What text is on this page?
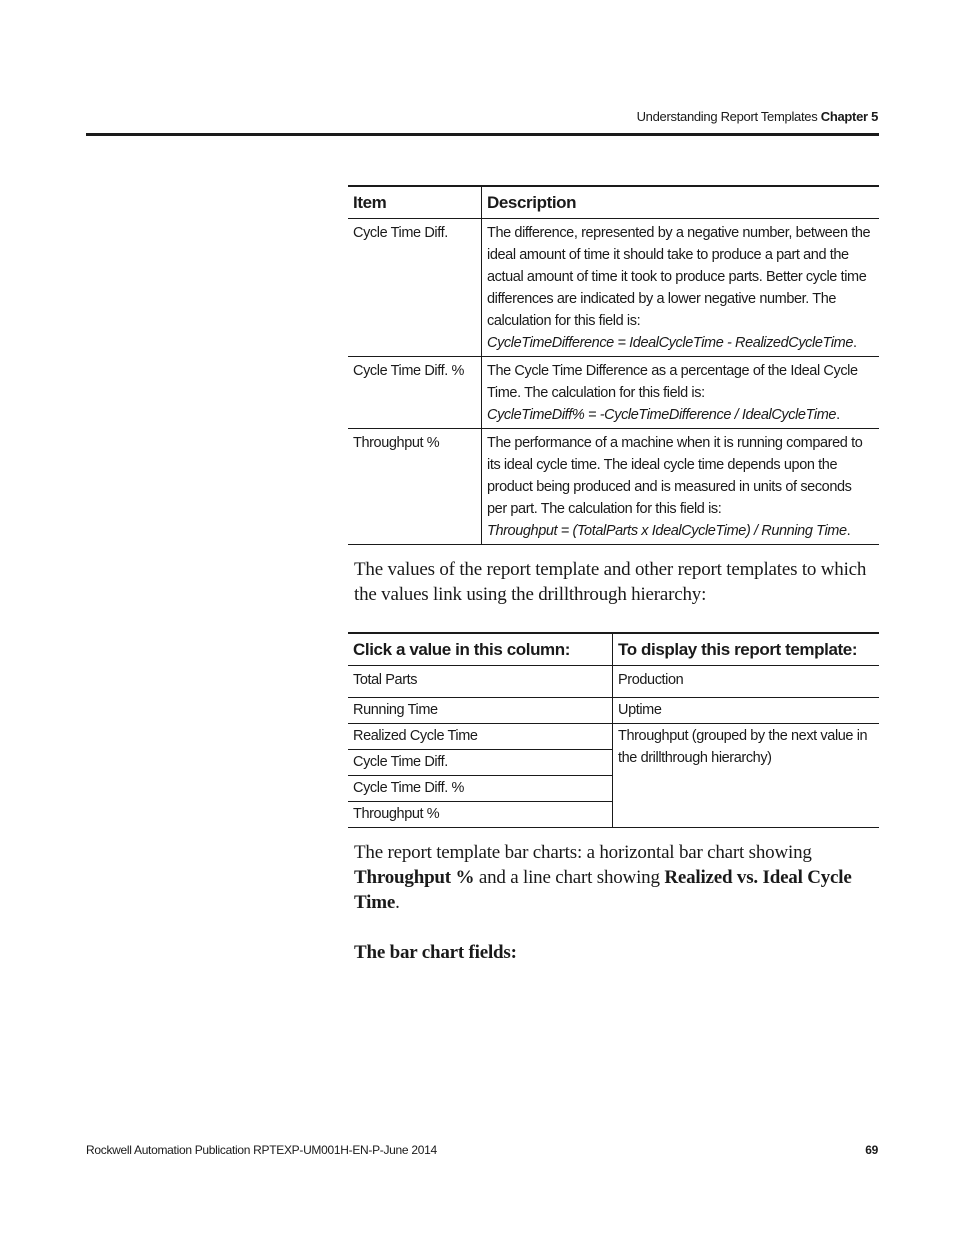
Understanding Report Templates Chapter 5
Item	Description
Cycle Time Diff.	The difference, represented by a negative number, between the ideal amount of time it should take to produce a part and the actual amount of time it took to produce parts. Better cycle time differences are indicated by a lower negative number. The calculation for this field is:
CycleTimeDifference = IdealCycleTime - RealizedCycleTime.
Cycle Time Diff. %	The Cycle Time Difference as a percentage of the Ideal Cycle Time. The calculation for this field is:
CycleTimeDiff% = -CycleTimeDifference / IdealCycleTime.
Throughput %	The performance of a machine when it is running compared to its ideal cycle time. The ideal cycle time depends upon the product being produced and is measured in units of seconds per part. The calculation for this field is:
Throughput = (TotalParts x IdealCycleTime) / Running Time.
The values of the report template and other report templates to which the values link using the drillthrough hierarchy:
Click a value in this column:	To display this report template:
Total Parts	Production
Running Time	Uptime
Realized Cycle Time	Throughput (grouped by the next value in the drillthrough hierarchy)
Cycle Time Diff.	
Cycle Time Diff. %	
Throughput %	
The report template bar charts: a horizontal bar chart showing Throughput % and a line chart showing Realized vs. Ideal Cycle Time.
The bar chart fields:
Rockwell Automation Publication RPTEXP-UM001H-EN-P-June 2014	69
